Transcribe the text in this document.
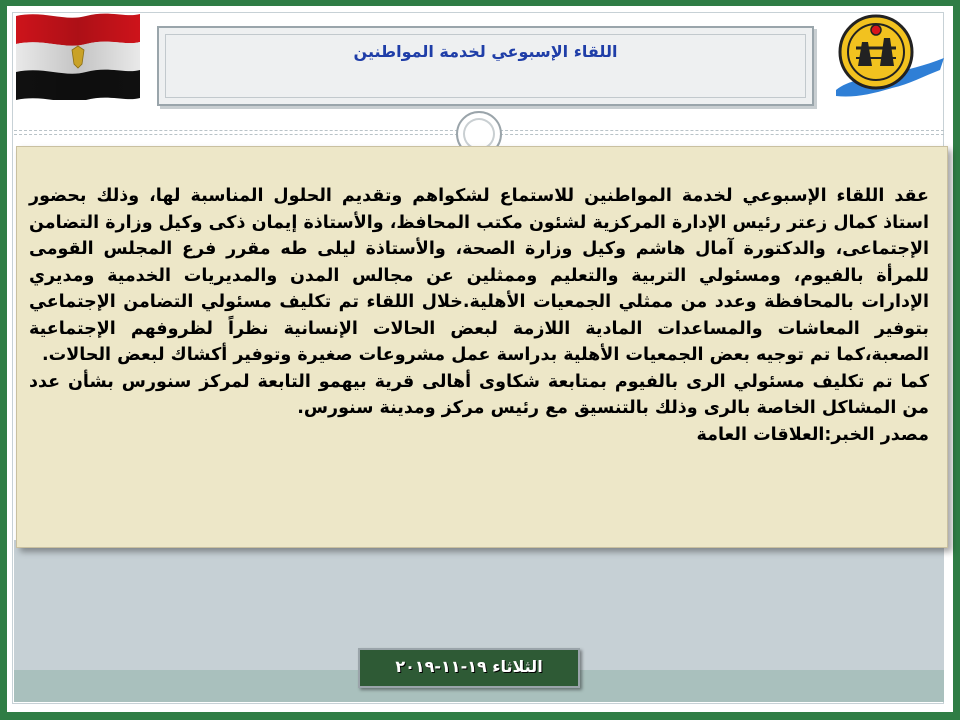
اللقاء الإسبوعي لخدمة المواطنين

عقد اللقاء الإسبوعي لخدمة المواطنين للاستماع لشكواهم وتقديم الحلول المناسبة لها، وذلك بحضور استاذ كمال زعتر رئيس الإدارة المركزية لشئون مكتب المحافظ، والأستاذة إيمان ذكى وكيل وزارة التضامن الإجتماعى، والدكتورة آمال هاشم وكيل وزارة الصحة، والأستاذة ليلى طه مقرر فرع المجلس القومى للمرأة بالفيوم، ومسئولي التربية والتعليم وممثلين عن مجالس المدن والمديريات الخدمية ومديري الإدارات بالمحافظة وعدد من ممثلي الجمعيات الأهلية.خلال اللقاء تم تكليف مسئولي التضامن الإجتماعي بتوفير المعاشات والمساعدات المادية اللازمة لبعض الحالات الإنسانية نظراً لظروفهم الإجتماعية الصعبة،كما تم توجيه بعض الجمعيات الأهلية بدراسة عمل مشروعات صغيرة وتوفير أكشاك لبعض الحالات.

كما تم تكليف مسئولي الرى بالفيوم بمتابعة شكاوى أهالى قرية بيهمو التابعة لمركز سنورس بشأن عدد من المشاكل الخاصة بالرى وذلك بالتنسيق مع رئيس مركز ومدينة سنورس.

مصدر الخبر:العلاقات العامة

الثلاثاء ١٩-١١-٢٠١٩
